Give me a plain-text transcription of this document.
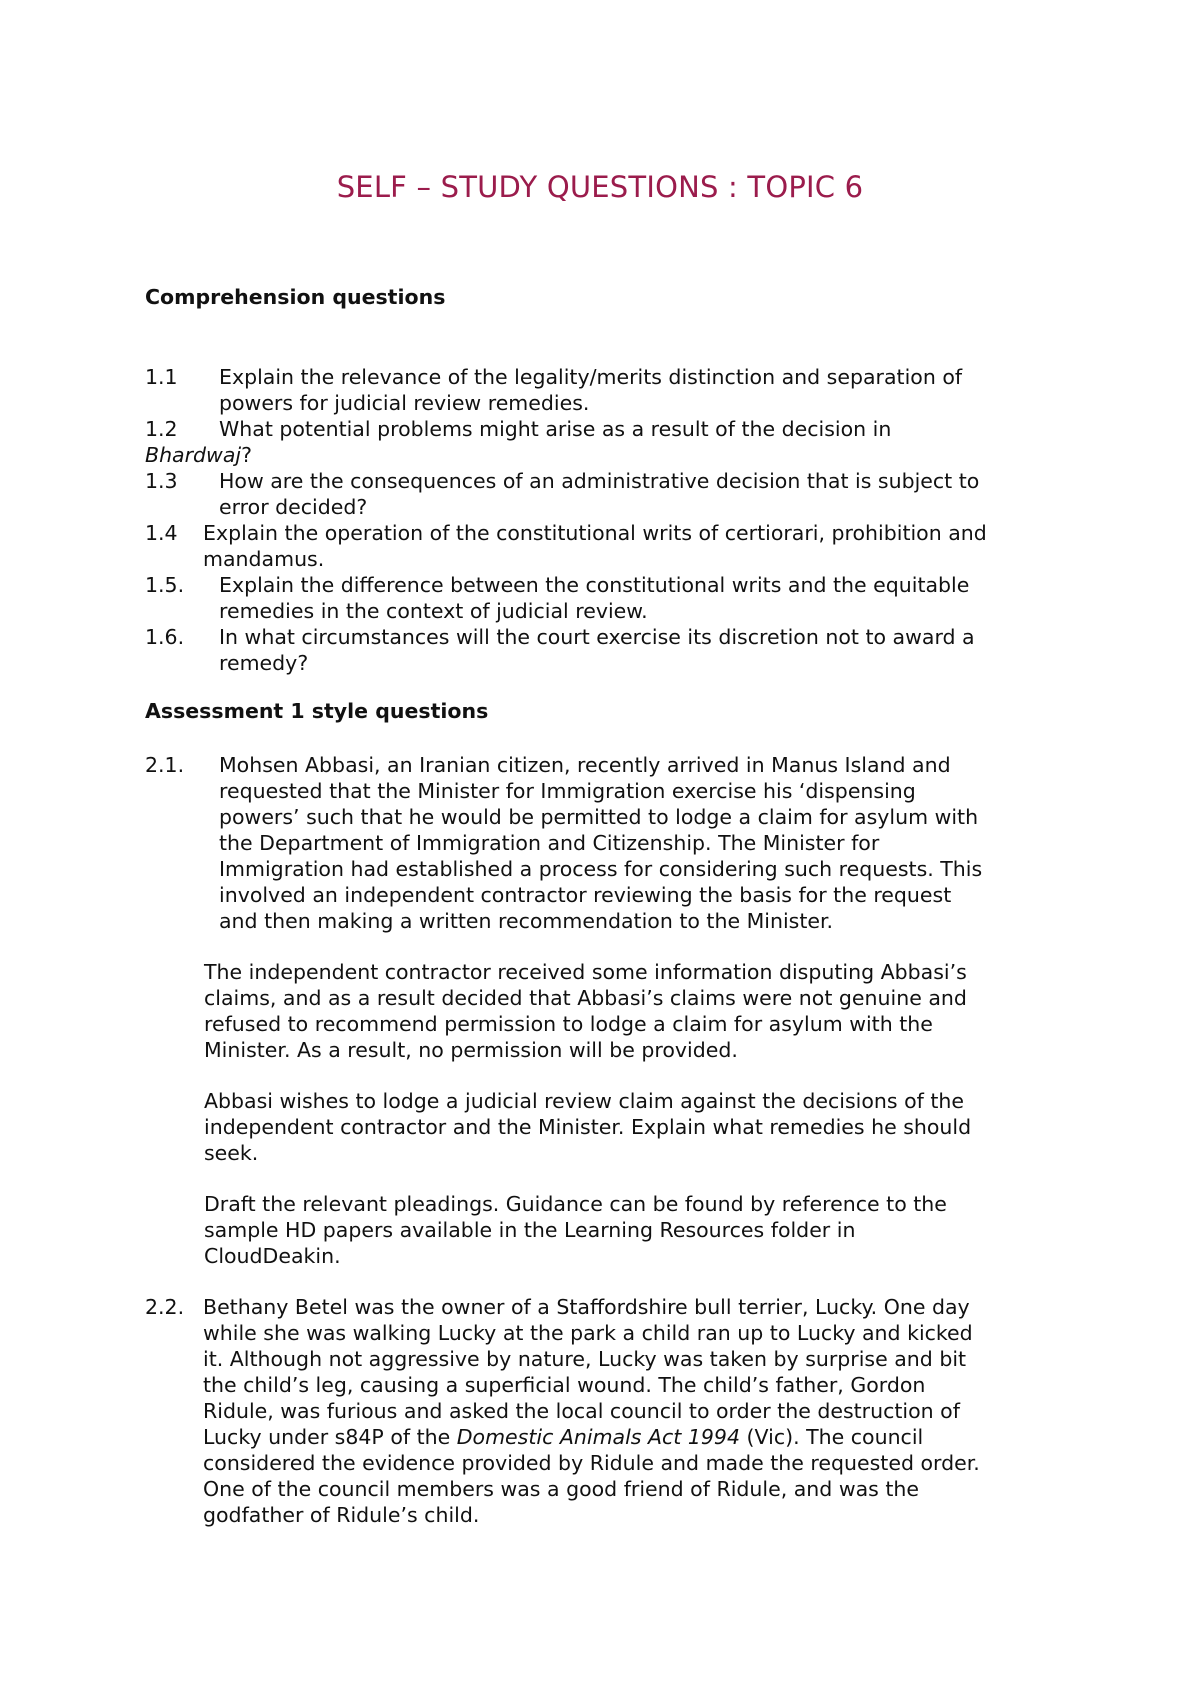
SELF – STUDY QUESTIONS : TOPIC 6
Comprehension questions
1.1	Explain the relevance of the legality/merits distinction and separation of
powers for judicial review remedies.
1.2	What potential problems might arise as a result of the decision in
Bhardwaj?
1.3	How are the consequences of an administrative decision that is subject to
error decided?
1.4	Explain the operation of the constitutional writs of certiorari, prohibition and
mandamus.
1.5.	Explain the difference between the constitutional writs and the equitable
remedies in the context of judicial review.
1.6.	In what circumstances will the court exercise its discretion not to award a
remedy?
Assessment 1 style questions
2.1.	Mohsen Abbasi, an Iranian citizen, recently arrived in Manus Island and
requested that the Minister for Immigration exercise his ‘dispensing
powers’ such that he would be permitted to lodge a claim for asylum with
the Department of Immigration and Citizenship. The Minister for
Immigration had established a process for considering such requests. This
involved an independent contractor reviewing the basis for the request
and then making a written recommendation to the Minister.
The independent contractor received some information disputing Abbasi’s
claims, and as a result decided that Abbasi’s claims were not genuine and
refused to recommend permission to lodge a claim for asylum with the
Minister. As a result, no permission will be provided.
Abbasi wishes to lodge a judicial review claim against the decisions of the
independent contractor and the Minister. Explain what remedies he should
seek.
Draft the relevant pleadings. Guidance can be found by reference to the
sample HD papers available in the Learning Resources folder in
CloudDeakin.
2.2. Bethany Betel was the owner of a Staffordshire bull terrier, Lucky. One day
while she was walking Lucky at the park a child ran up to Lucky and kicked
it. Although not aggressive by nature, Lucky was taken by surprise and bit
the child’s leg, causing a superficial wound. The child’s father, Gordon
Ridule, was furious and asked the local council to order the destruction of
Lucky under s84P of the Domestic Animals Act 1994 (Vic). The council
considered the evidence provided by Ridule and made the requested order.
One of the council members was a good friend of Ridule, and was the
godfather of Ridule’s child.
